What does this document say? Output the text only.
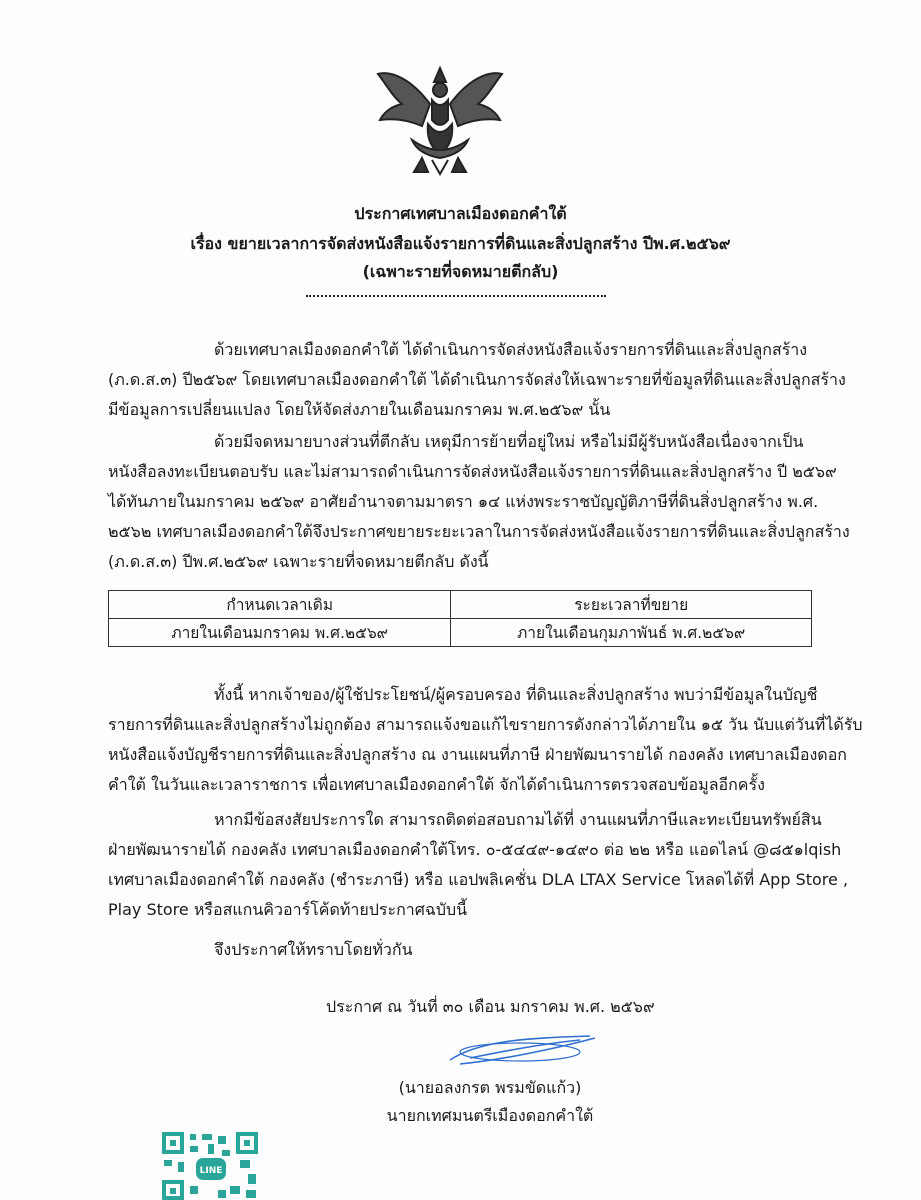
ประกาศเทศบาลเมืองดอกคำใต้
เรื่อง ขยายเวลาการจัดส่งหนังสือแจ้งรายการที่ดินและสิ่งปลูกสร้าง ปีพ.ศ.๒๕๖๙
(เฉพาะรายที่จดหมายตีกลับ)
ด้วยเทศบาลเมืองดอกคำใต้ ได้ดำเนินการจัดส่งหนังสือแจ้งรายการที่ดินและสิ่งปลูกสร้าง
(ภ.ด.ส.๓) ปี๒๕๖๙ โดยเทศบาลเมืองดอกคำใต้ ได้ดำเนินการจัดส่งให้เฉพาะรายที่ข้อมูลที่ดินและสิ่งปลูกสร้าง
มีข้อมูลการเปลี่ยนแปลง โดยให้จัดส่งภายในเดือนมกราคม พ.ศ.๒๕๖๙ นั้น
ด้วยมีจดหมายบางส่วนที่ตีกลับ เหตุมีการย้ายที่อยู่ใหม่ หรือไม่มีผู้รับหนังสือเนื่องจากเป็น
หนังสือลงทะเบียนตอบรับ และไม่สามารถดำเนินการจัดส่งหนังสือแจ้งรายการที่ดินและสิ่งปลูกสร้าง ปี ๒๕๖๙
ได้ทันภายในมกราคม ๒๕๖๙ อาศัยอำนาจตามมาตรา ๑๔ แห่งพระราชบัญญัติภาษีที่ดินสิ่งปลูกสร้าง พ.ศ.
๒๕๖๒ เทศบาลเมืองดอกคำใต้จึงประกาศขยายระยะเวลาในการจัดส่งหนังสือแจ้งรายการที่ดินและสิ่งปลูกสร้าง
(ภ.ด.ส.๓) ปีพ.ศ.๒๕๖๙ เฉพาะรายที่จดหมายตีกลับ ดังนี้
กำหนดเวลาเดิม	ระยะเวลาที่ขยาย
ภายในเดือนมกราคม พ.ศ.๒๕๖๙	ภายในเดือนกุมภาพันธ์ พ.ศ.๒๕๖๙
ทั้งนี้ หากเจ้าของ/ผู้ใช้ประโยชน์/ผู้ครอบครอง ที่ดินและสิ่งปลูกสร้าง พบว่ามีข้อมูลในบัญชี
รายการที่ดินและสิ่งปลูกสร้างไม่ถูกต้อง สามารถแจ้งขอแก้ไขรายการดังกล่าวได้ภายใน ๑๕ วัน นับแต่วันที่ได้รับ
หนังสือแจ้งบัญชีรายการที่ดินและสิ่งปลูกสร้าง ณ งานแผนที่ภาษี ฝ่ายพัฒนารายได้ กองคลัง เทศบาลเมืองดอก
คำใต้ ในวันและเวลาราชการ เพื่อเทศบาลเมืองดอกคำใต้ จักได้ดำเนินการตรวจสอบข้อมูลอีกครั้ง
หากมีข้อสงสัยประการใด สามารถติดต่อสอบถามได้ที่ งานแผนที่ภาษีและทะเบียนทรัพย์สิน
ฝ่ายพัฒนารายได้ กองคลัง เทศบาลเมืองดอกคำใต้โทร. ๐-๕๔๔๙-๑๔๙๐ ต่อ ๒๒ หรือ แอดไลน์ @๘๕๑lqish
เทศบาลเมืองดอกคำใต้ กองคลัง (ชำระภาษี) หรือ แอปพลิเคชั่น DLA LTAX Service โหลดได้ที่ App Store ,
Play Store หรือสแกนคิวอาร์โค้ดท้ายประกาศฉบับนี้
จึงประกาศให้ทราบโดยทั่วกัน
ประกาศ ณ วันที่ ๓๐ เดือน มกราคม พ.ศ. ๒๕๖๙
(นายอลงกรต พรมขัดแก้ว)
นายกเทศมนตรีเมืองดอกคำใต้
LINE
